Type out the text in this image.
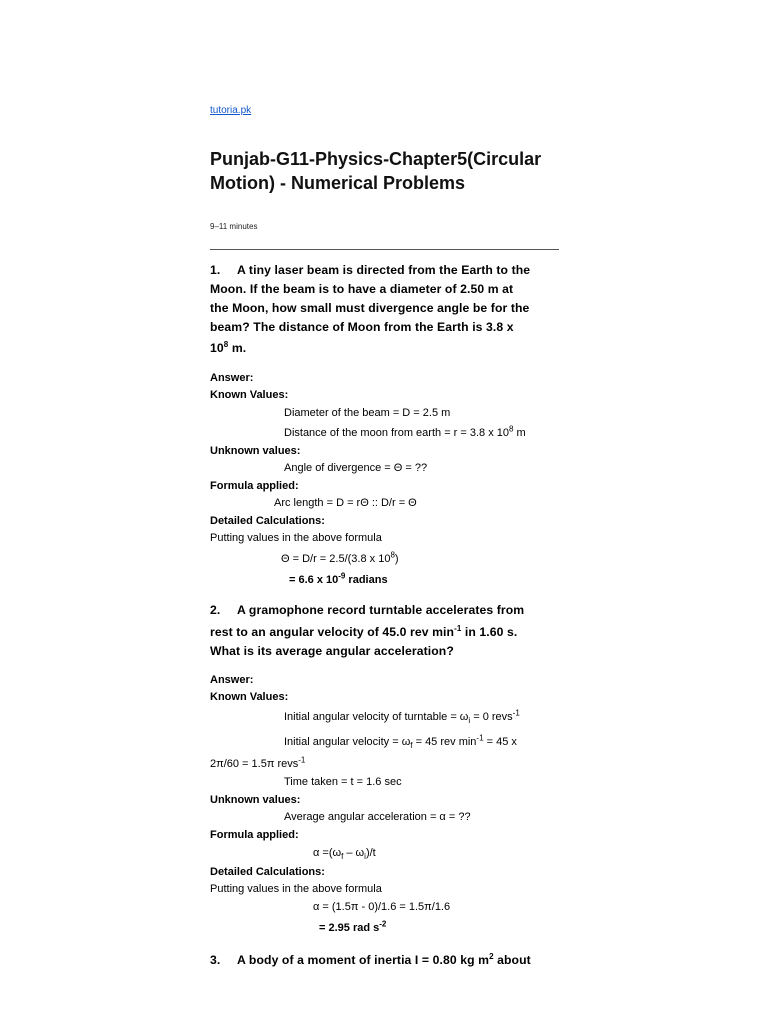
tutoria.pk
Punjab-G11-Physics-Chapter5(Circular Motion) - Numerical Problems
9–11 minutes
1. A tiny laser beam is directed from the Earth to the
Moon. If the beam is to have a diameter of 2.50 m at
the Moon, how small must divergence angle be for the
beam? The distance of Moon from the Earth is 3.8 x
$10^8$ m.
Answer:
Known Values:
Diameter of the beam = D = 2.5 m
Distance of the moon from earth = r = 3.8 x $10^8$ m
Unknown values:
Angle of divergence = Θ = ??
Formula applied:
Arc length = D = rΘ :: D/r = Θ
Detailed Calculations:
Putting values in the above formula
Θ = D/r = 2.5/(3.8 x $10^8$)
= 6.6 x $10^{-9}$ radians
2. A gramophone record turntable accelerates from
rest to an angular velocity of 45.0 rev $\min^{-1}$ in 1.60 s.
What is its average angular acceleration?
Answer:
Known Values:
Initial angular velocity of turntable = $\omega_i = 0$ revs$^{-1}$
Initial angular velocity = $\omega_f = 45$ rev $\min^{-1} = 45$ x
2π/60 = 1.5π revs$^{-1}$
Time taken = t = 1.6 sec
Unknown values:
Average angular acceleration = α = ??
Formula applied:
$\alpha =(\omega_f - \omega_i)/t$
Detailed Calculations:
Putting values in the above formula
α = (1.5π - 0)/1.6 = 1.5π/1.6
= 2.95 rad $s^{-2}$
3. A body of a moment of inertia I = 0.80 kg $m^2$ about
